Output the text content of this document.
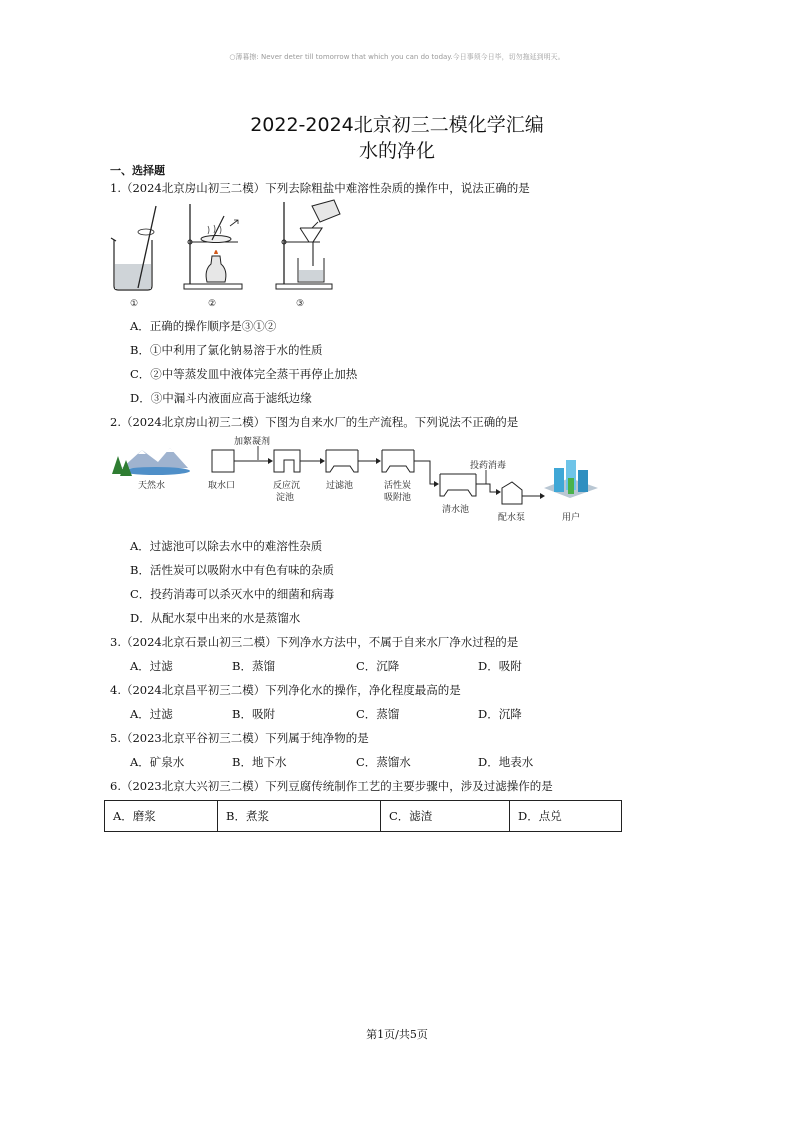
○薄暮擦: Never deter till tomorrow that which you can do today.今日事须今日毕，切勿拖延到明天。
2022-2024北京初三二模化学汇编
水的净化
一、选择题
1.（2024北京房山初三二模）下列去除粗盐中难溶性杂质的操作中，说法正确的是
①	②	③
A．正确的操作顺序是③①②
B．①中利用了氯化钠易溶于水的性质
C．②中等蒸发皿中液体完全蒸干再停止加热
D．③中漏斗内液面应高于滤纸边缘
2.（2024北京房山初三二模）下图为自来水厂的生产流程。下列说法不正确的是
天然水	取水口
加絮凝剂
反应沉
淀池
过滤池	活性炭
吸附池
清水池
投药消毒
配水泵	用户
A．过滤池可以除去水中的难溶性杂质
B．活性炭可以吸附水中有色有味的杂质
C．投药消毒可以杀灭水中的细菌和病毒
D．从配水泵中出来的水是蒸馏水
3.（2024北京石景山初三二模）下列净水方法中，不属于自来水厂净水过程的是
A．过滤	B．蒸馏	C．沉降	D．吸附
4.（2024北京昌平初三二模）下列净化水的操作，净化程度最高的是
A．过滤	B．吸附	C．蒸馏	D．沉降
5.（2023北京平谷初三二模）下列属于纯净物的是
A．矿泉水	B．地下水	C．蒸馏水	D．地表水
6.（2023北京大兴初三二模）下列豆腐传统制作工艺的主要步骤中，涉及过滤操作的是
A．磨浆	B．煮浆	C．滤渣	D．点兑
第1页/共5页
